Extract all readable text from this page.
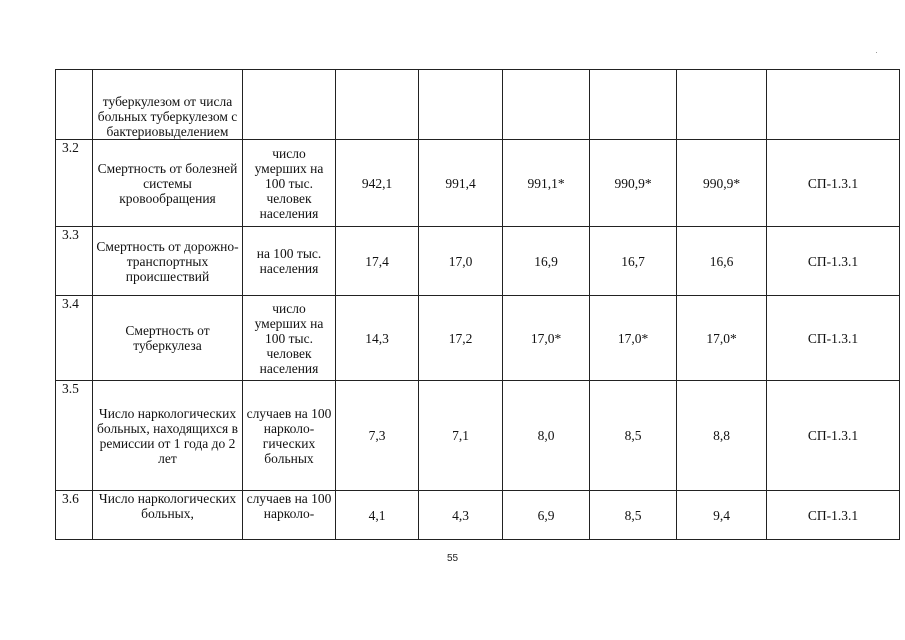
	туберкулезом от числа больных туберкулезом с бактериовыделением							
3.2	Смертность от болезней системы кровообращения	число умерших на 100 тыс. человек населения	942,1	991,4	991,1*	990,9*	990,9*	СП-1.3.1
3.3	Смертность от дорожно-транспортных происшествий	на 100 тыс. населения	17,4	17,0	16,9	16,7	16,6	СП-1.3.1
3.4	Смертность от туберкулеза	число умерших на 100 тыс. человек населения	14,3	17,2	17,0*	17,0*	17,0*	СП-1.3.1
3.5	Число наркологических больных, находящихся в ремиссии от 1 года до 2 лет	случаев на 100 нарколо-гических больных	7,3	7,1	8,0	8,5	8,8	СП-1.3.1
3.6	Число наркологических больных,	случаев на 100 нарколо-	4,1	4,3	6,9	8,5	9,4	СП-1.3.1
55
